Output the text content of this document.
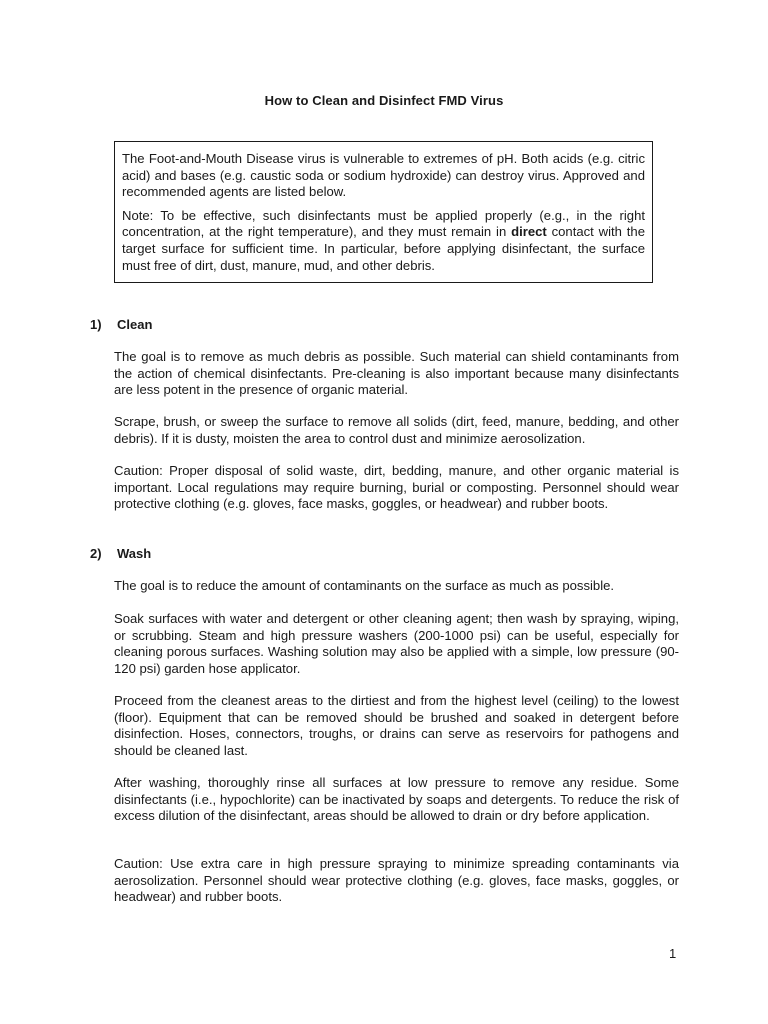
How to Clean and Disinfect FMD Virus

The Foot-and-Mouth Disease virus is vulnerable to extremes of pH. Both acids (e.g. citric acid) and bases (e.g. caustic soda or sodium hydroxide) can destroy virus. Approved and recommended agents are listed below.

Note: To be effective, such disinfectants must be applied properly (e.g., in the right concentration, at the right temperature), and they must remain in direct contact with the target surface for sufficient time. In particular, before applying disinfectant, the surface must free of dirt, dust, manure, mud, and other debris.

1) Clean

The goal is to remove as much debris as possible. Such material can shield contaminants from the action of chemical disinfectants. Pre-cleaning is also important because many disinfectants are less potent in the presence of organic material.

Scrape, brush, or sweep the surface to remove all solids (dirt, feed, manure, bedding, and other debris). If it is dusty, moisten the area to control dust and minimize aerosolization.

Caution: Proper disposal of solid waste, dirt, bedding, manure, and other organic material is important. Local regulations may require burning, burial or composting. Personnel should wear protective clothing (e.g. gloves, face masks, goggles, or headwear) and rubber boots.

2) Wash

The goal is to reduce the amount of contaminants on the surface as much as possible.

Soak surfaces with water and detergent or other cleaning agent; then wash by spraying, wiping, or scrubbing. Steam and high pressure washers (200-1000 psi) can be useful, especially for cleaning porous surfaces. Washing solution may also be applied with a simple, low pressure (90-120 psi) garden hose applicator.

Proceed from the cleanest areas to the dirtiest and from the highest level (ceiling) to the lowest (floor). Equipment that can be removed should be brushed and soaked in detergent before disinfection. Hoses, connectors, troughs, or drains can serve as reservoirs for pathogens and should be cleaned last.

After washing, thoroughly rinse all surfaces at low pressure to remove any residue. Some disinfectants (i.e., hypochlorite) can be inactivated by soaps and detergents. To reduce the risk of excess dilution of the disinfectant, areas should be allowed to drain or dry before application.

Caution: Use extra care in high pressure spraying to minimize spreading contaminants via aerosolization. Personnel should wear protective clothing (e.g. gloves, face masks, goggles, or headwear) and rubber boots.

1
